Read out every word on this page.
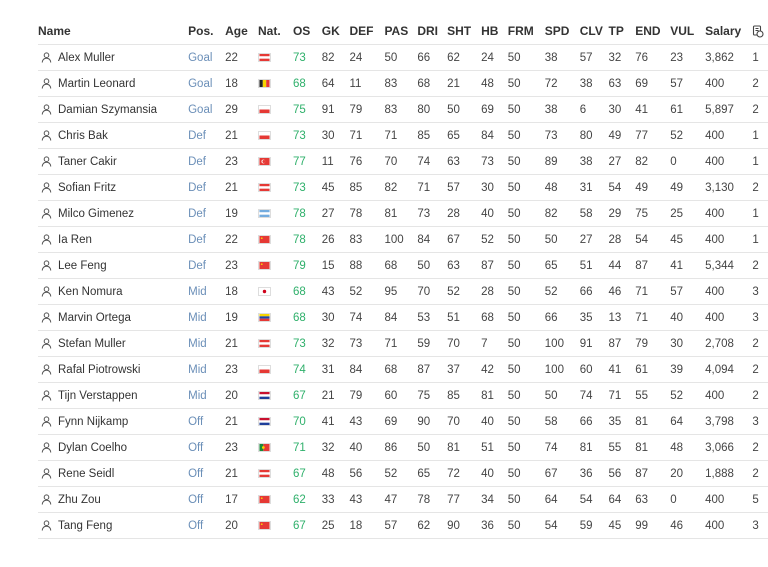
Name	Pos.	Age	Nat.	OS	GK	DEF	PAS	DRI	SHT	HB	FRM	SPD	CLV	TP	END	VUL	Salary	
Alex Muller	Goal	22		73	82	24	50	66	62	24	50	38	57	32	76	23	3,862	1
Martin Leonard	Goal	18		68	64	11	83	68	21	48	50	72	38	63	69	57	400	2
Damian Szymansia	Goal	29		75	91	79	83	80	50	69	50	38	6	30	41	61	5,897	2
Chris Bak	Def	21		73	30	71	71	85	65	84	50	73	80	49	77	52	400	1
Taner Cakir	Def	23		77	11	76	70	74	63	73	50	89	38	27	82	0	400	1
Sofian Fritz	Def	21		73	45	85	82	71	57	30	50	48	31	54	49	49	3,130	2
Milco Gimenez	Def	19		78	27	78	81	73	28	40	50	82	58	29	75	25	400	1
Ia Ren	Def	22		78	26	83	100	84	67	52	50	50	27	28	54	45	400	1
Lee Feng	Def	23		79	15	88	68	50	63	87	50	65	51	44	87	41	5,344	2
Ken Nomura	Mid	18		68	43	52	95	70	52	28	50	52	66	46	71	57	400	3
Marvin Ortega	Mid	19		68	30	74	84	53	51	68	50	66	35	13	71	40	400	3
Stefan Muller	Mid	21		73	32	73	71	59	70	7	50	100	91	87	79	30	2,708	2
Rafal Piotrowski	Mid	23		74	31	84	68	87	37	42	50	100	60	41	61	39	4,094	2
Tijn Verstappen	Mid	20		67	21	79	60	75	85	81	50	50	74	71	55	52	400	2
Fynn Nijkamp	Off	21		70	41	43	69	90	70	40	50	58	66	35	81	64	3,798	3
Dylan Coelho	Off	23		71	32	40	86	50	81	51	50	74	81	55	81	48	3,066	2
Rene Seidl	Off	21		67	48	56	52	65	72	40	50	67	36	56	87	20	1,888	2
Zhu Zou	Off	17		62	33	43	47	78	77	34	50	64	54	64	63	0	400	5
Tang Feng	Off	20		67	25	18	57	62	90	36	50	54	59	45	99	46	400	3
